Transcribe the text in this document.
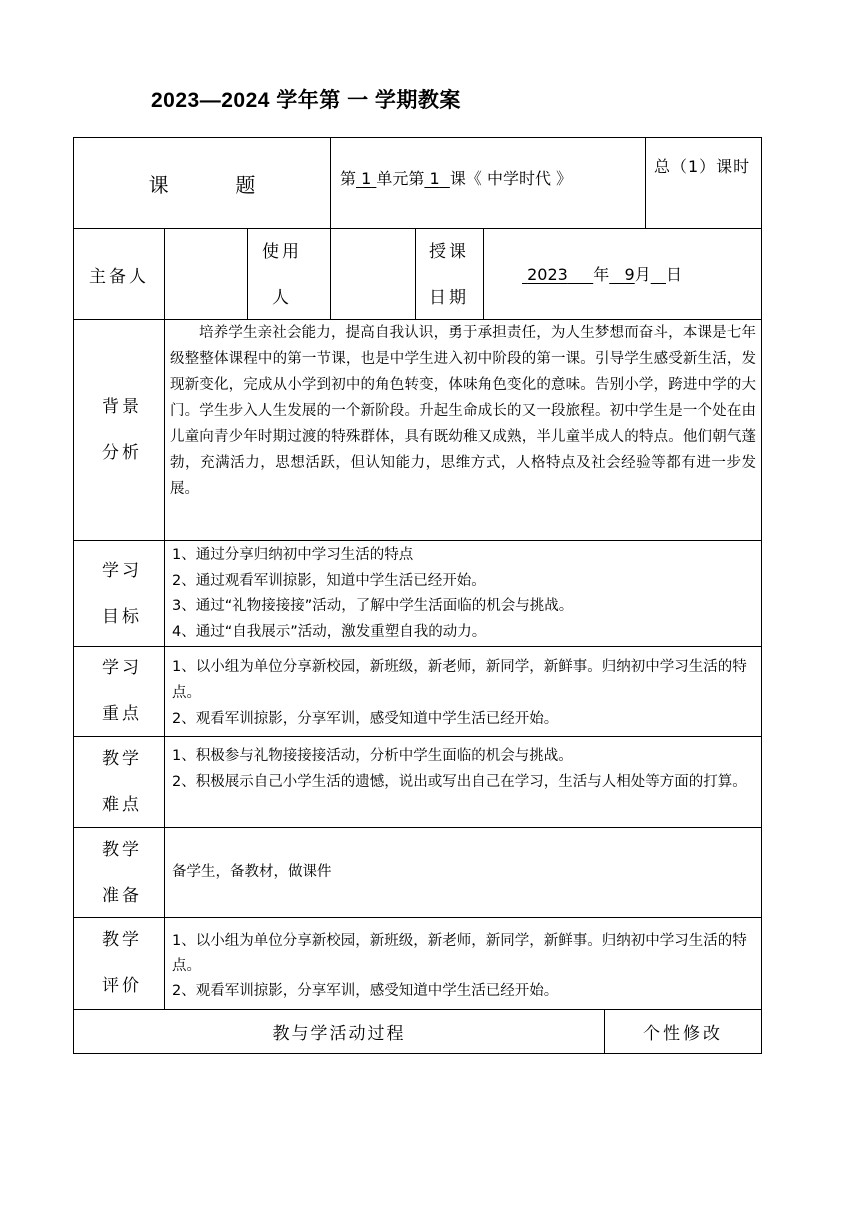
2023—2024 学年第 一 学期教案
课  题	第 1 单元第 1 课《 中学时代 》
总（1）课时
主备人
使用人
授课日期
2023 年 9月 日
背景分析
培养学生亲社会能力，提高自我认识，勇于承担责任，为人生梦想而奋斗，本课是七年级整整体课程中的第一节课，也是中学生进入初中阶段的第一课。引导学生感受新生活，发现新变化，完成从小学到初中的角色转变，体味角色变化的意味。告别小学，跨进中学的大门。学生步入人生发展的一个新阶段。升起生命成长的又一段旅程。初中学生是一个处在由儿童向青少年时期过渡的特殊群体，具有既幼稚又成熟，半儿童半成人的特点。他们朝气蓬勃，充满活力，思想活跃，但认知能力，思维方式，人格特点及社会经验等都有进一步发展。
学习目标
1、通过分享归纳初中学习生活的特点
2、通过观看军训掠影，知道中学生活已经开始。
3、通过“礼物接接接”活动，了解中学生活面临的机会与挑战。
4、通过“自我展示”活动，激发重塑自我的动力。
学习重点
1、以小组为单位分享新校园，新班级，新老师，新同学，新鲜事。归纳初中学习生活的特点。
2、观看军训掠影，分享军训，感受知道中学生活已经开始。
教学难点
1、积极参与礼物接接接活动，分析中学生面临的机会与挑战。
2、积极展示自己小学生活的遗憾，说出或写出自己在学习，生活与人相处等方面的打算。
教学准备
备学生，备教材，做课件
教学评价
1、以小组为单位分享新校园，新班级，新老师，新同学，新鲜事。归纳初中学习生活的特点。
2、观看军训掠影，分享军训，感受知道中学生活已经开始。
教与学活动过程	个性修改
